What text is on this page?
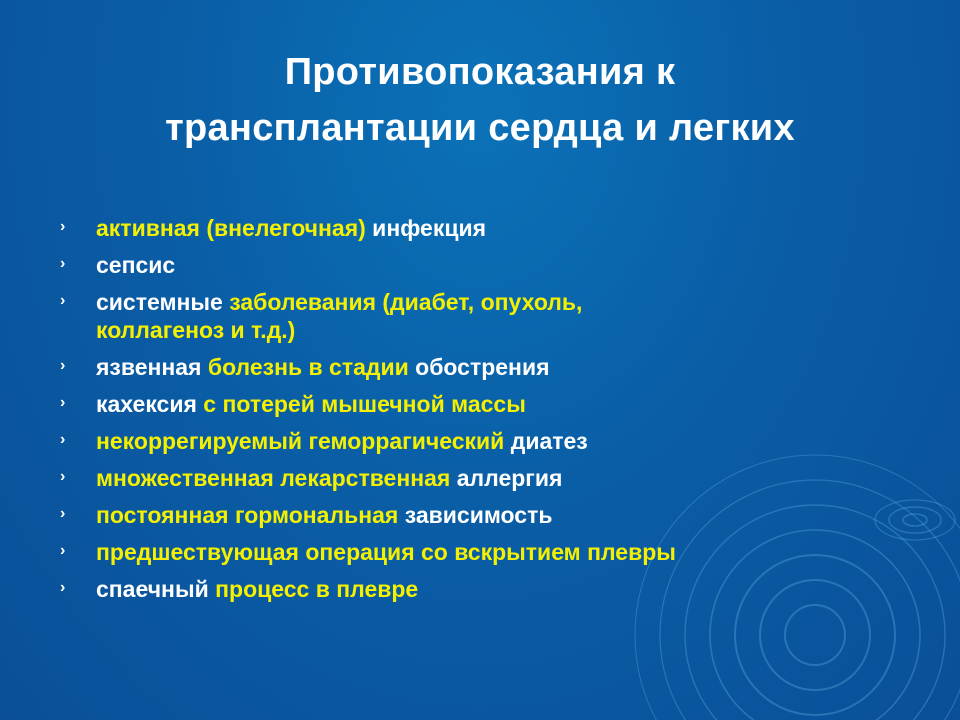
Противопоказания к
трансплантации сердца и легких
›	активная (внелегочная) инфекция
›	сепсис
›	системные заболевания (диабет, опухоль,
коллагеноз и т.д.)
›	язвенная болезнь в стадии обострения
›	кахексия с потерей мышечной массы
›	некоррегируемый геморрагический диатез
›	множественная лекарственная аллергия
›	постоянная гормональная зависимость
›	предшествующая операция со вскрытием плевры
›	спаечный процесс в плевре
